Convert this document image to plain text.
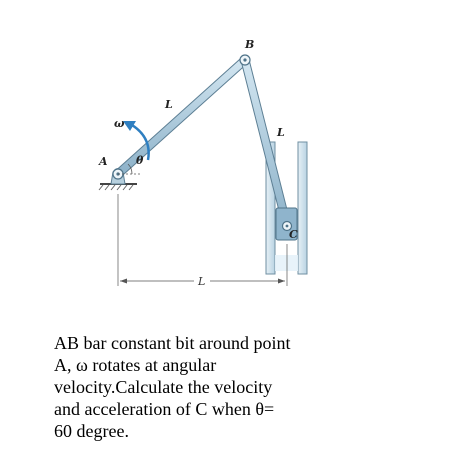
B
A
C
L
L
ω
θ
L
AB bar constant bit around point
A, ω rotates at angular
velocity.Calculate the velocity
and acceleration of C when θ=
60 degree.
